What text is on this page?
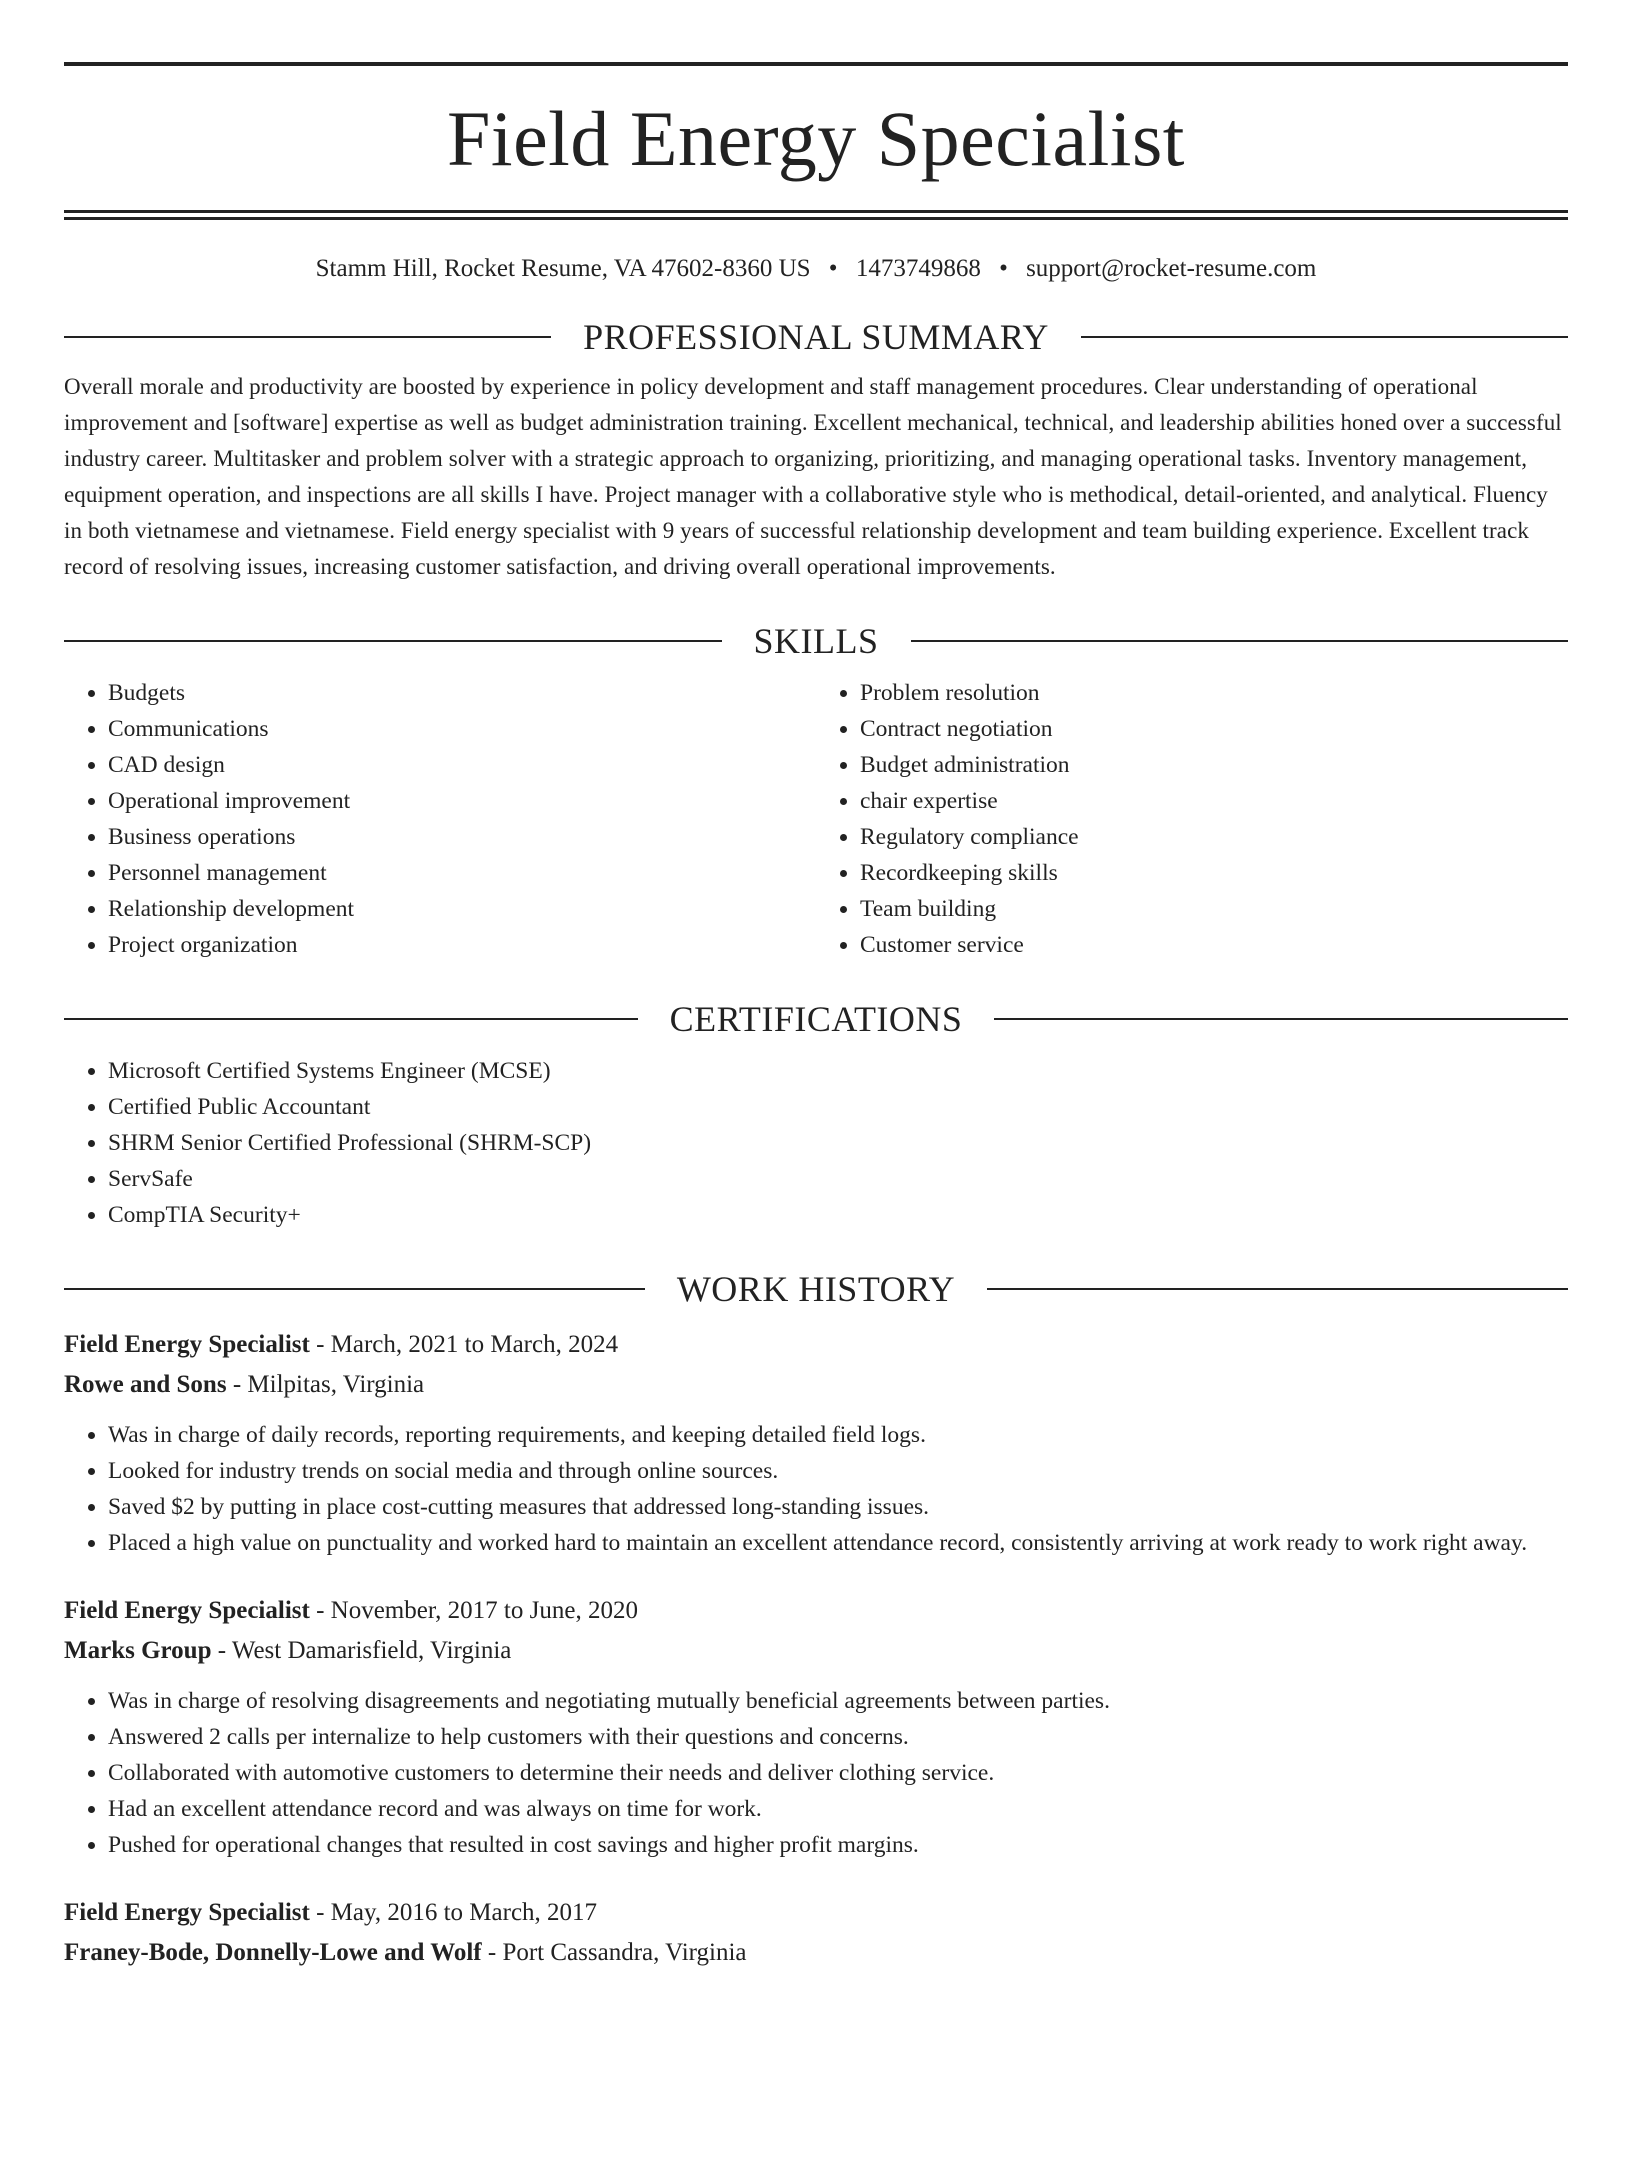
Field Energy Specialist
Stamm Hill, Rocket Resume, VA 47602-8360 US • 1473749868 • support@rocket-resume.com
PROFESSIONAL SUMMARY
Overall morale and productivity are boosted by experience in policy development and staff management procedures. Clear understanding of operational improvement and [software] expertise as well as budget administration training. Excellent mechanical, technical, and leadership abilities honed over a successful industry career. Multitasker and problem solver with a strategic approach to organizing, prioritizing, and managing operational tasks. Inventory management, equipment operation, and inspections are all skills I have. Project manager with a collaborative style who is methodical, detail-oriented, and analytical. Fluency in both vietnamese and vietnamese. Field energy specialist with 9 years of successful relationship development and team building experience. Excellent track record of resolving issues, increasing customer satisfaction, and driving overall operational improvements.
SKILLS
• Budgets
• Communications
• CAD design
• Operational improvement
• Business operations
• Personnel management
• Relationship development
• Project organization
• Problem resolution
• Contract negotiation
• Budget administration
• chair expertise
• Regulatory compliance
• Recordkeeping skills
• Team building
• Customer service
CERTIFICATIONS
• Microsoft Certified Systems Engineer (MCSE)
• Certified Public Accountant
• SHRM Senior Certified Professional (SHRM-SCP)
• ServSafe
• CompTIA Security+
WORK HISTORY
Field Energy Specialist - March, 2021 to March, 2024
Rowe and Sons - Milpitas, Virginia
• Was in charge of daily records, reporting requirements, and keeping detailed field logs.
• Looked for industry trends on social media and through online sources.
• Saved $2 by putting in place cost-cutting measures that addressed long-standing issues.
• Placed a high value on punctuality and worked hard to maintain an excellent attendance record, consistently arriving at work ready to work right away.
Field Energy Specialist - November, 2017 to June, 2020
Marks Group - West Damarisfield, Virginia
• Was in charge of resolving disagreements and negotiating mutually beneficial agreements between parties.
• Answered 2 calls per internalize to help customers with their questions and concerns.
• Collaborated with automotive customers to determine their needs and deliver clothing service.
• Had an excellent attendance record and was always on time for work.
• Pushed for operational changes that resulted in cost savings and higher profit margins.
Field Energy Specialist - May, 2016 to March, 2017
Franey-Bode, Donnelly-Lowe and Wolf - Port Cassandra, Virginia
